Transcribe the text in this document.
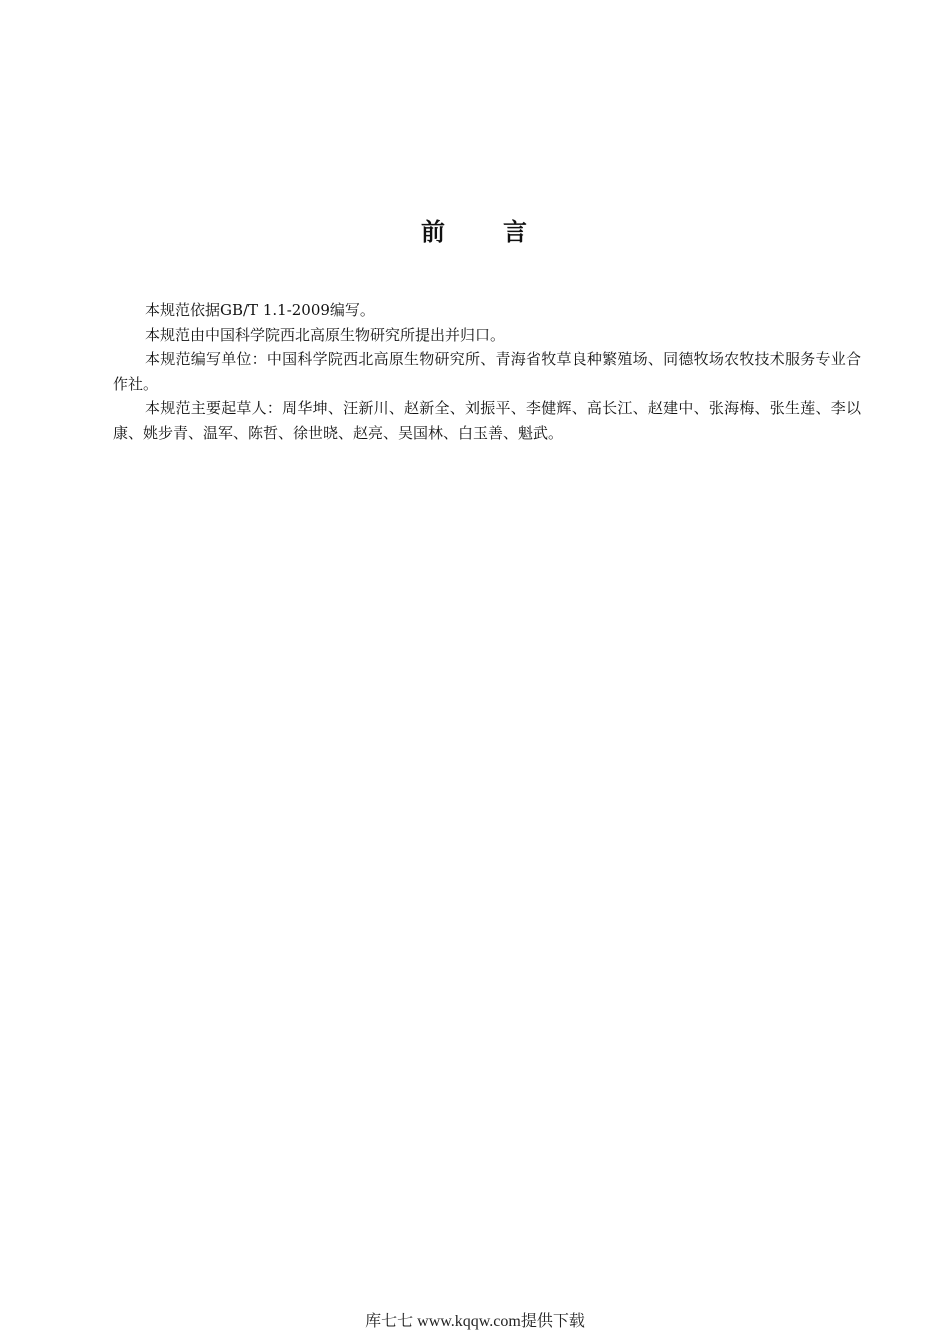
前 言

本规范依据GB/T 1.1-2009编写。

本规范由中国科学院西北高原生物研究所提出并归口。

本规范编写单位：中国科学院西北高原生物研究所、青海省牧草良种繁殖场、同德牧场农牧技术服务专业合作社。

本规范主要起草人：周华坤、汪新川、赵新全、刘振平、李健辉、高长江、赵建中、张海梅、张生莲、李以康、姚步青、温军、陈哲、徐世晓、赵亮、吴国林、白玉善、魁武。

库七七 www.kqqw.com提供下载
